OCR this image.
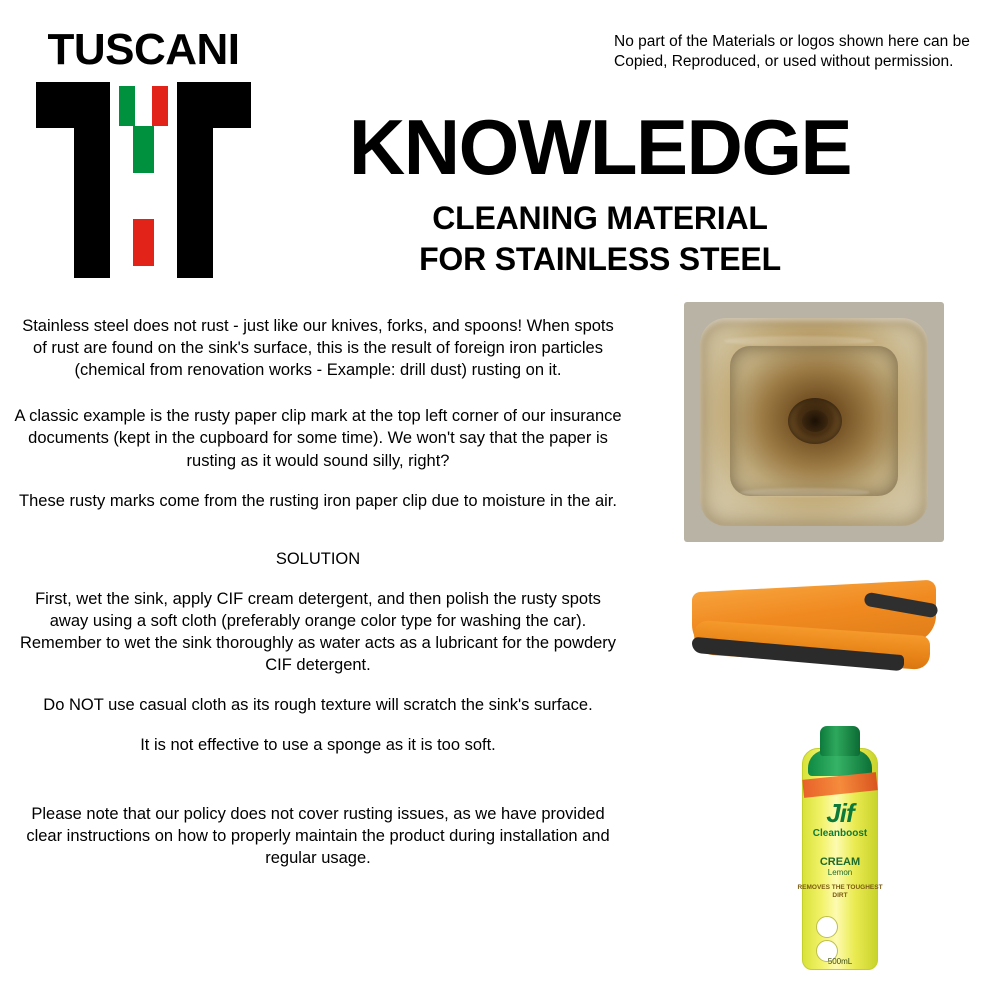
TUSCANI	No part of the Materials or logos shown here can be Copied, Reproduced, or used without permission.
KNOWLEDGE
CLEANING MATERIAL
FOR STAINLESS STEEL

Stainless steel does not rust - just like our knives, forks, and spoons! When spots of rust are found on the sink's surface, this is the result of foreign iron particles (chemical from renovation works - Example: drill dust) rusting on it.

A classic example is the rusty paper clip mark at the top left corner of our insurance documents (kept in the cupboard for some time). We won't say that the paper is rusting as it would sound silly, right?

These rusty marks come from the rusting iron paper clip due to moisture in the air.

SOLUTION

First, wet the sink, apply CIF cream detergent, and then polish the rusty spots away using a soft cloth (preferably orange color type for washing the car). Remember to wet the sink thoroughly as water acts as a lubricant for the powdery CIF detergent.

Do NOT use casual cloth as its rough texture will scratch the sink's surface.

It is not effective to use a sponge as it is too soft.

Please note that our policy does not cover rusting issues, as we have provided clear instructions on how to properly maintain the product during installation and regular usage.

Jif
Cleanboost
CREAM
Lemon
REMOVES THE TOUGHEST DIRT
500mL
